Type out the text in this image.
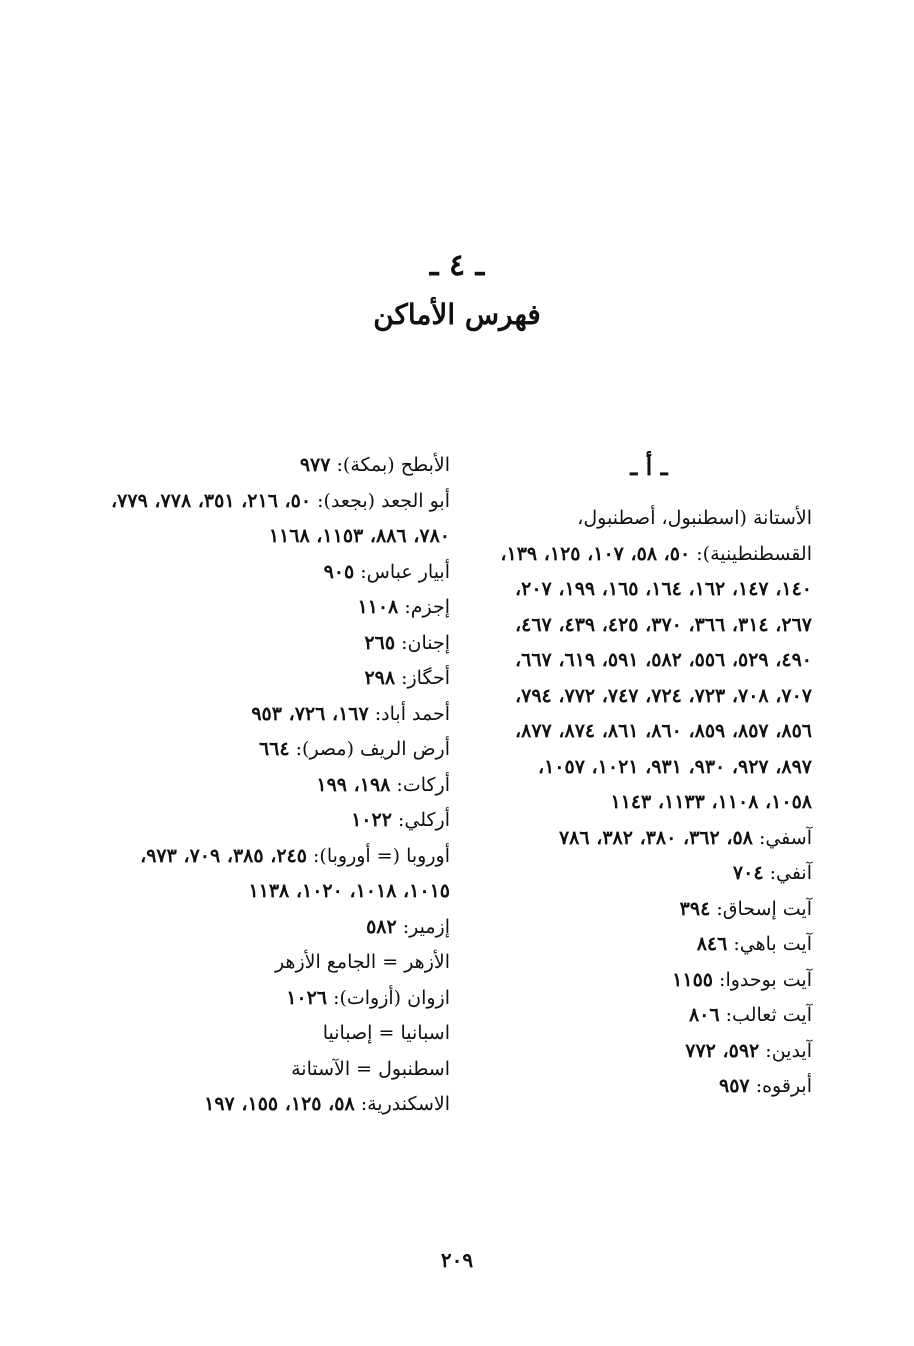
ـ ٤ ـ
فهرس الأماكن
ـ أ ـ

الأستانة (اسطنبول، أصطنبول، القسطنطينية): ٥٠، ٥٨، ١٠٧، ١٢٥، ١٣٩، ١٤٠، ١٤٧، ١٦٢، ١٦٤، ١٦٥، ١٩٩، ٢٠٧، ٢٦٧، ٣١٤، ٣٦٦، ٣٧٠، ٤٢٥، ٤٣٩، ٤٦٧، ٤٩٠، ٥٢٩، ٥٥٦، ٥٨٢، ٥٩١، ٦١٩، ٦٦٧، ٧٠٧، ٧٠٨، ٧٢٣، ٧٢٤، ٧٤٧، ٧٧٢، ٧٩٤، ٨٥٦، ٨٥٧، ٨٥٩، ٨٦٠، ٨٦١، ٨٧٤، ٨٧٧، ٨٩٧، ٩٢٧، ٩٣٠، ٩٣١، ١٠٢١، ١٠٥٧، ١٠٥٨، ١١٠٨، ١١٣٣، ١١٤٣

آسفي: ٥٨، ٣٦٢، ٣٨٠، ٣٨٢، ٧٨٦

آنفي: ٧٠٤

آيت إسحاق: ٣٩٤

آيت باهي: ٨٤٦

آيت بوحدوا: ١١٥٥

آيت ثعالب: ٨٠٦

آيدين: ٥٩٢، ٧٧٢

أبرقوه: ٩٥٧

الأبطح (بمكة): ٩٧٧

أبو الجعد (بجعد): ٥٠، ٢١٦، ٣٥١، ٧٧٨، ٧٧٩، ٧٨٠، ٨٨٦، ١١٥٣، ١١٦٨

أبيار عباس: ٩٠٥

إجزم: ١١٠٨

إجنان: ٢٦٥

أحگاز: ٢٩٨

أحمد أباد: ١٦٧، ٧٢٦، ٩٥٣

أرض الريف (مصر): ٦٦٤

أركات: ١٩٨، ١٩٩

أركلي: ١٠٢٢

أوروبا (= أوروبا): ٢٤٥، ٣٨٥، ٧٠٩، ٩٧٣، ١٠١٥، ١٠١٨، ١٠٢٠، ١١٣٨

إزمير: ٥٨٢

الأزهر = الجامع الأزهر

ازوان (أزوات): ١٠٢٦

اسبانيا = إصبانيا

اسطنبول = الآستانة

الاسكندرية: ٥٨، ١٢٥، ١٥٥، ١٩٧

٢٠٩
